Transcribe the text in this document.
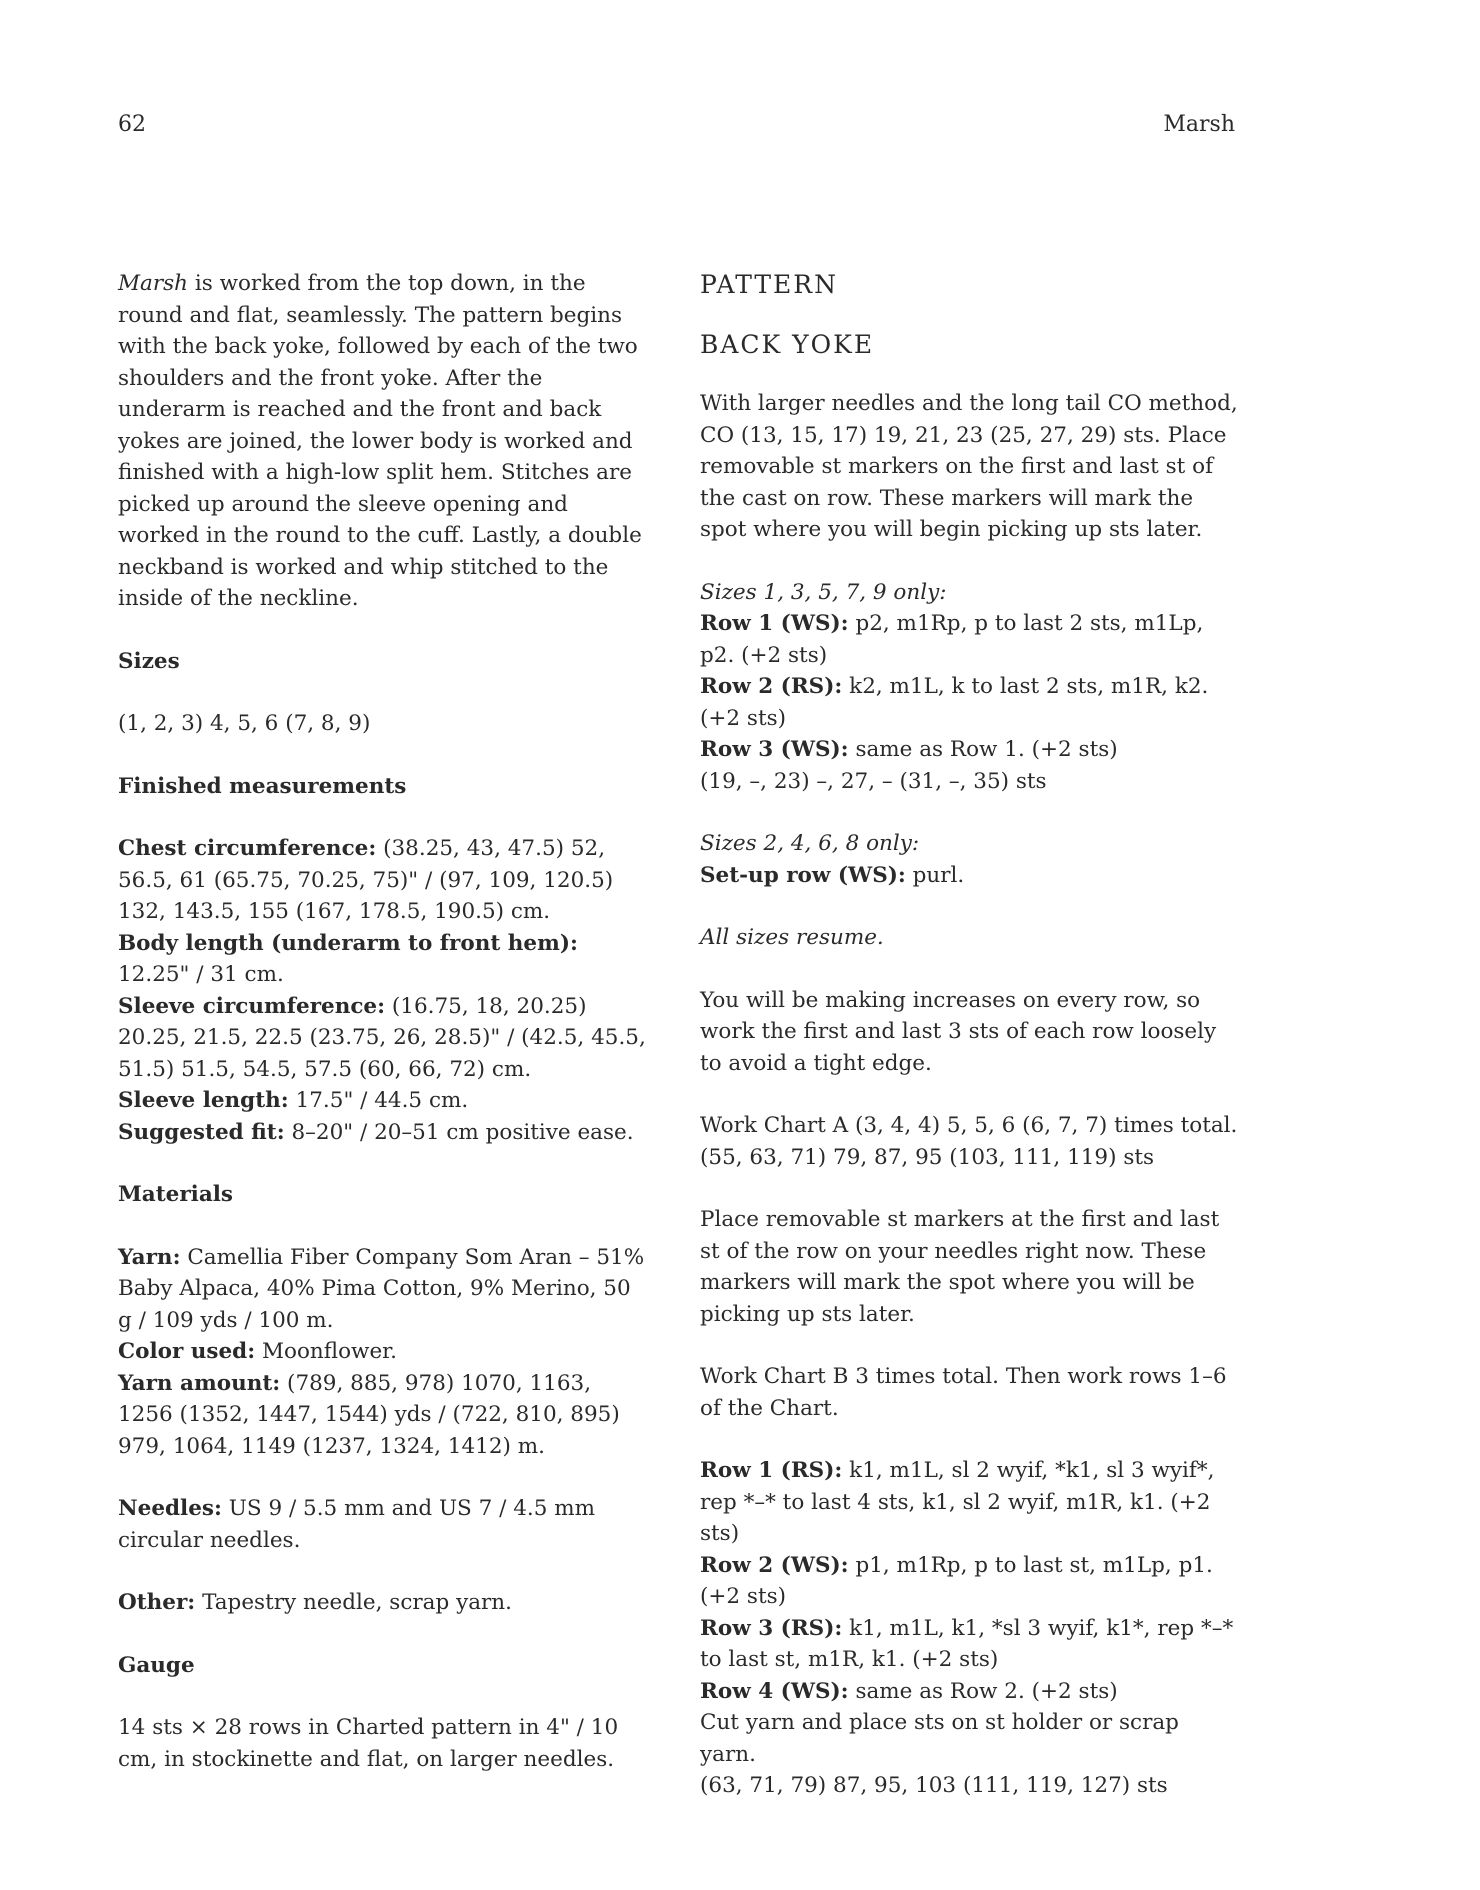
62	Marsh

Marsh is worked from the top down, in the round and flat, seamlessly. The pattern begins with the back yoke, followed by each of the two shoulders and the front yoke. After the underarm is reached and the front and back yokes are joined, the lower body is worked and finished with a high-low split hem. Stitches are picked up around the sleeve opening and worked in the round to the cuff. Lastly, a double neckband is worked and whip stitched to the inside of the neckline.

Sizes

(1, 2, 3) 4, 5, 6 (7, 8, 9)

Finished measurements
Chest circumference: (38.25, 43, 47.5) 52, 56.5, 61 (65.75, 70.25, 75)" / (97, 109, 120.5) 132, 143.5, 155 (167, 178.5, 190.5) cm.
Body length (underarm to front hem): 12.25" / 31 cm.
Sleeve circumference: (16.75, 18, 20.25) 20.25, 21.5, 22.5 (23.75, 26, 28.5)" / (42.5, 45.5, 51.5) 51.5, 54.5, 57.5 (60, 66, 72) cm.
Sleeve length: 17.5" / 44.5 cm.
Suggested fit: 8–20" / 20–51 cm positive ease.
Materials
Yarn: Camellia Fiber Company Som Aran – 51% Baby Alpaca, 40% Pima Cotton, 9% Merino, 50 g / 109 yds / 100 m.
Color used: Moonflower.
Yarn amount: (789, 885, 978) 1070, 1163, 1256 (1352, 1447, 1544) yds / (722, 810, 895) 979, 1064, 1149 (1237, 1324, 1412) m.

Needles: US 9 / 5.5 mm and US 7 / 4.5 mm circular needles.

Other: Tapestry needle, scrap yarn.

Gauge

14 sts × 28 rows in Charted pattern in 4" / 10 cm, in stockinette and flat, on larger needles.

PATTERN
BACK YOKE

With larger needles and the long tail CO method, CO (13, 15, 17) 19, 21, 23 (25, 27, 29) sts. Place removable st markers on the first and last st of the cast on row. These markers will mark the spot where you will begin picking up sts later.

Sizes 1, 3, 5, 7, 9 only:
Row 1 (WS): p2, m1Rp, p to last 2 sts, m1Lp, p2. (+2 sts)
Row 2 (RS): k2, m1L, k to last 2 sts, m1R, k2. (+2 sts)
Row 3 (WS): same as Row 1. (+2 sts)
(19, –, 23) –, 27, – (31, –, 35) sts
Sizes 2, 4, 6, 8 only:
Set-up row (WS): purl.

All sizes resume.

You will be making increases on every row, so work the first and last 3 sts of each row loosely to avoid a tight edge.

Work Chart A (3, 4, 4) 5, 5, 6 (6, 7, 7) times total.
(55, 63, 71) 79, 87, 95 (103, 111, 119) sts

Place removable st markers at the first and last st of the row on your needles right now. These markers will mark the spot where you will be picking up sts later.

Work Chart B 3 times total. Then work rows 1–6 of the Chart.

Row 1 (RS): k1, m1L, sl 2 wyif, *k1, sl 3 wyif*, rep *–* to last 4 sts, k1, sl 2 wyif, m1R, k1. (+2 sts)
Row 2 (WS): p1, m1Rp, p to last st, m1Lp, p1. (+2 sts)
Row 3 (RS): k1, m1L, k1, *sl 3 wyif, k1*, rep *–* to last st, m1R, k1. (+2 sts)
Row 4 (WS): same as Row 2. (+2 sts)
Cut yarn and place sts on st holder or scrap yarn.
(63, 71, 79) 87, 95, 103 (111, 119, 127) sts
